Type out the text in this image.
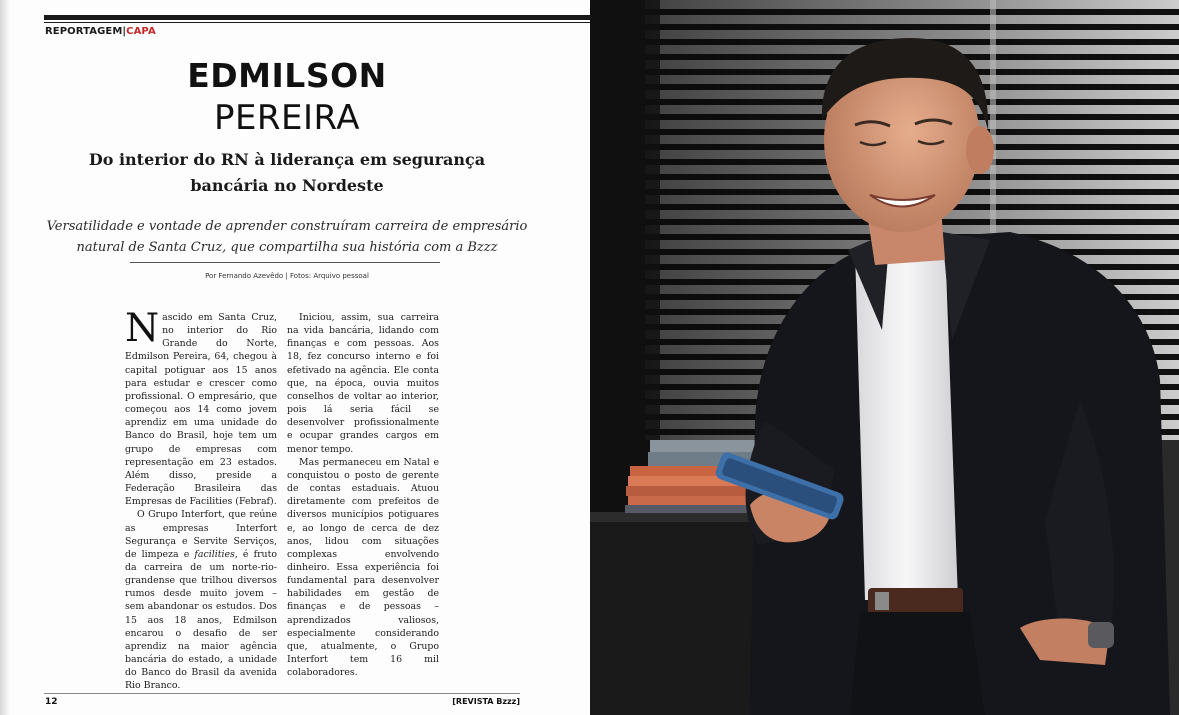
REPORTAGEM|CAPA
EDMILSON
PEREIRA
Do interior do RN à liderança em segurança
bancária no Nordeste
Versatilidade e vontade de aprender construíram carreira de empresário
natural de Santa Cruz, que compartilha sua história com a Bzzz
Por Fernando Azevêdo | Fotos: Arquivo pessoal

Nascido em Santa Cruz, no interior do Rio Grande do Norte, Edmilson Pereira, 64, chegou à capital potiguar aos 15 anos para estudar e crescer como profissional. O empresário, que começou aos 14 como jovem aprendiz em uma unidade do Banco do Brasil, hoje tem um grupo de empresas com representação em 23 estados. Além disso, preside a Federação Brasileira das Empresas de Facilities (Febraf).

O Grupo Interfort, que reúne as empresas Interfort Segurança e Servite Serviços, de limpeza e facilities, é fruto da carreira de um norte-rio-grandense que trilhou diversos rumos desde muito jovem – sem abandonar os estudos. Dos 15 aos 18 anos, Edmilson encarou o desafio de ser aprendiz na maior agência bancária do estado, a unidade do Banco do Brasil da avenida Rio Branco.

Iniciou, assim, sua carreira na vida bancária, lidando com finanças e com pessoas. Aos 18, fez concurso interno e foi efetivado na agência. Ele conta que, na época, ouvia muitos conselhos de voltar ao interior, pois lá seria fácil se desenvolver profissionalmente e ocupar grandes cargos em menor tempo.

Mas permaneceu em Natal e conquistou o posto de gerente de contas estaduais. Atuou diretamente com prefeitos de diversos municípios potiguares e, ao longo de cerca de dez anos, lidou com situações complexas envolvendo dinheiro. Essa experiência foi fundamental para desenvolver habilidades em gestão de finanças e de pessoas – aprendizados valiosos, especialmente considerando que, atualmente, o Grupo Interfort tem 16 mil colaboradores.

12	[REVISTA Bzzz]
